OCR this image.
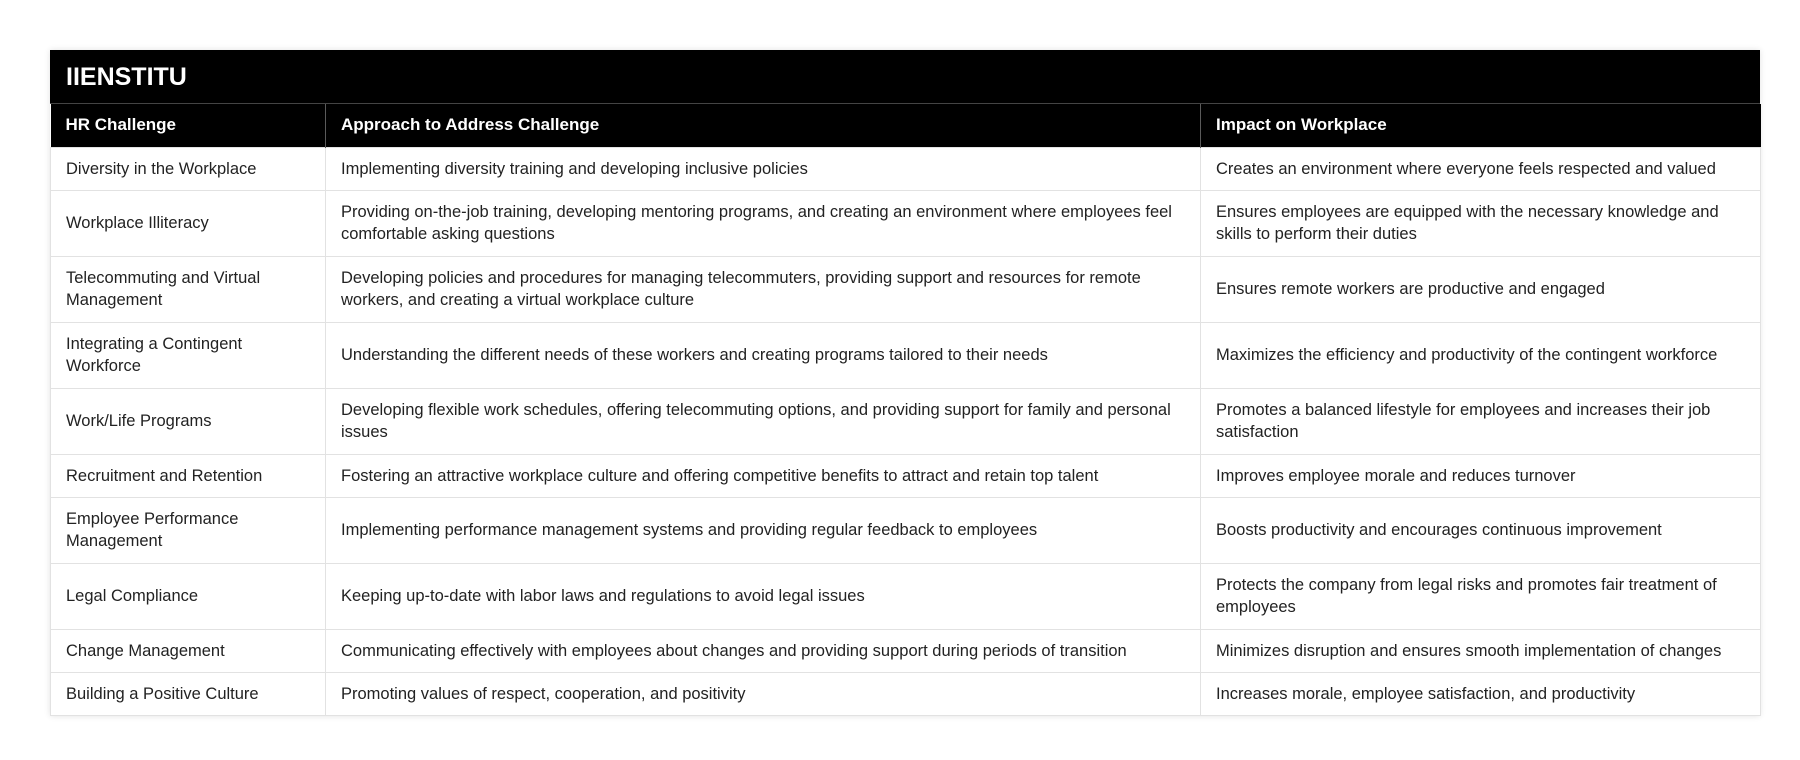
IIENSTITU
HR Challenge	Approach to Address Challenge	Impact on Workplace
Diversity in the Workplace	Implementing diversity training and developing inclusive policies	Creates an environment where everyone feels respected and valued
Workplace Illiteracy	Providing on-the-job training, developing mentoring programs, and creating an environment where employees feel comfortable asking questions	Ensures employees are equipped with the necessary knowledge and skills to perform their duties
Telecommuting and Virtual Management	Developing policies and procedures for managing telecommuters, providing support and resources for remote workers, and creating a virtual workplace culture	Ensures remote workers are productive and engaged
Integrating a Contingent Workforce	Understanding the different needs of these workers and creating programs tailored to their needs	Maximizes the efficiency and productivity of the contingent workforce
Work/Life Programs	Developing flexible work schedules, offering telecommuting options, and providing support for family and personal issues	Promotes a balanced lifestyle for employees and increases their job satisfaction
Recruitment and Retention	Fostering an attractive workplace culture and offering competitive benefits to attract and retain top talent	Improves employee morale and reduces turnover
Employee Performance Management	Implementing performance management systems and providing regular feedback to employees	Boosts productivity and encourages continuous improvement
Legal Compliance	Keeping up-to-date with labor laws and regulations to avoid legal issues	Protects the company from legal risks and promotes fair treatment of employees
Change Management	Communicating effectively with employees about changes and providing support during periods of transition	Minimizes disruption and ensures smooth implementation of changes
Building a Positive Culture	Promoting values of respect, cooperation, and positivity	Increases morale, employee satisfaction, and productivity
